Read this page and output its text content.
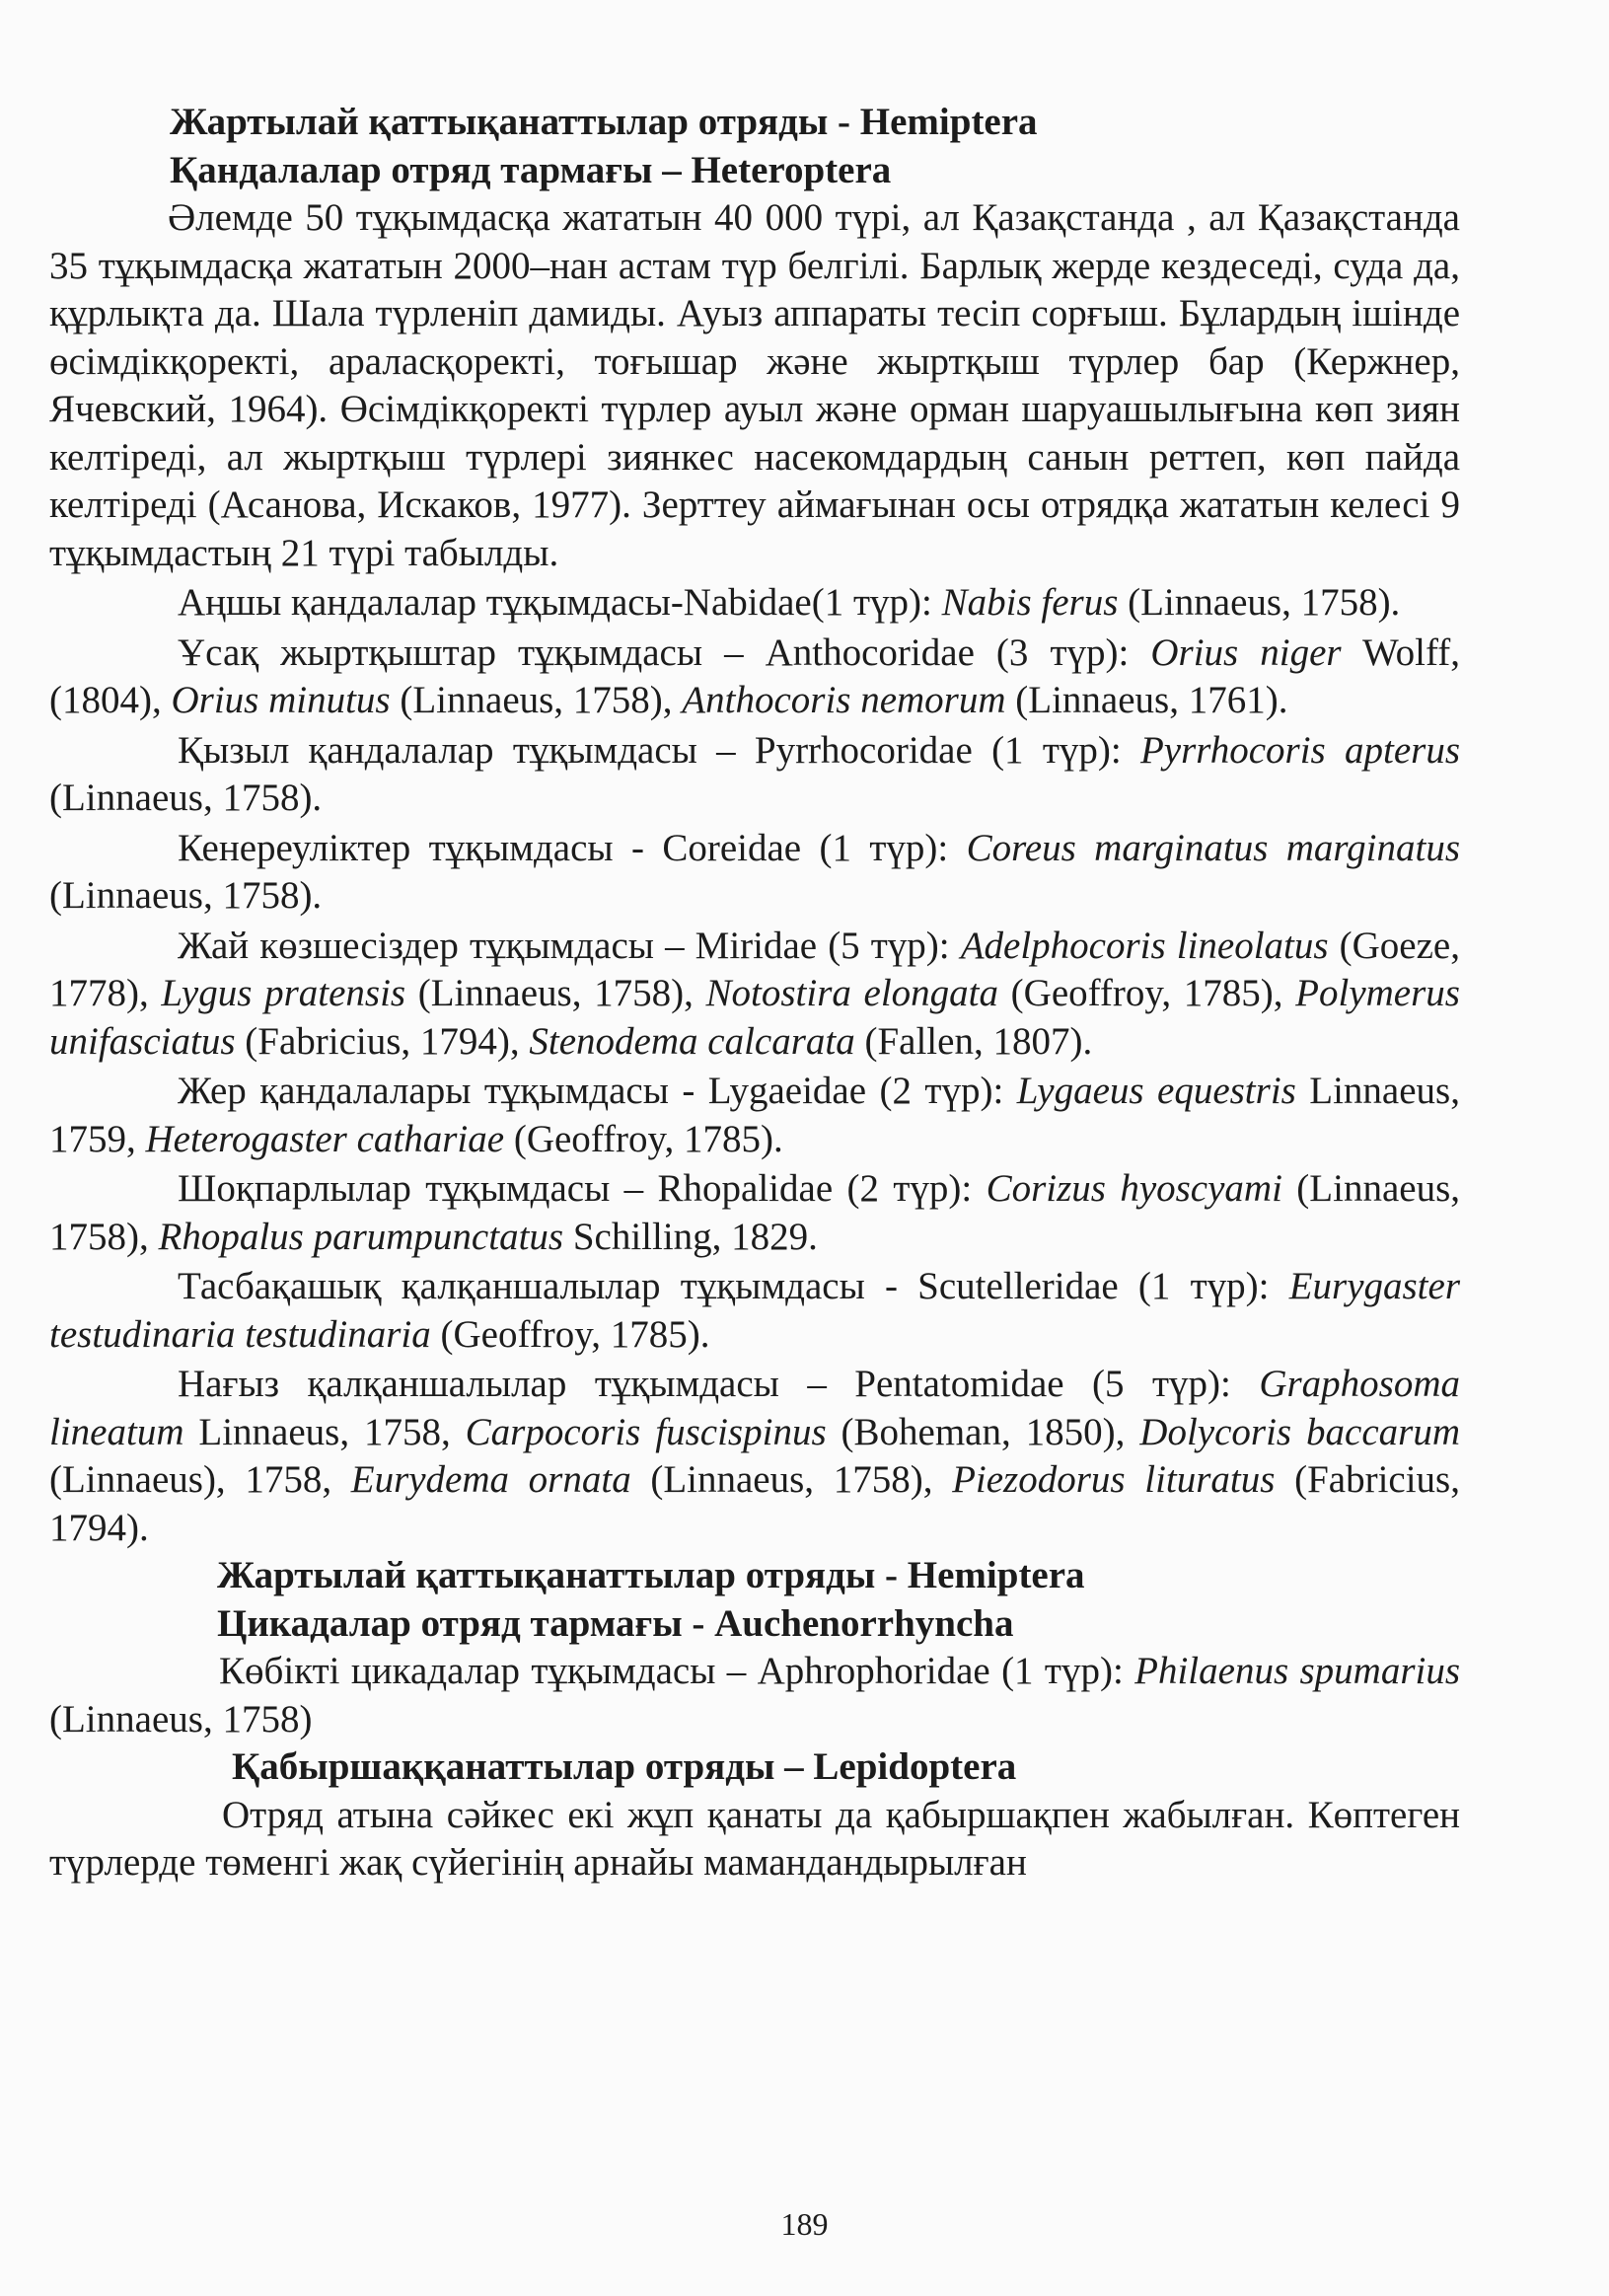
Жартылай қаттықанаттылар отряды - Hemiptera

Қандалалар отряд тармағы – Heteroptera

Әлемде 50 тұқымдасқа жататын 40 000 түрі, ал Қазақстанда , ал Қазақстанда 35 тұқымдасқа жататын 2000–нан астам түр белгілі. Барлық жерде кездеседі, суда да, құрлықта да. Шала түрленіп дамиды. Ауыз аппараты тесіп сорғыш. Бұлардың ішінде өсімдікқоректі, араласқоректі, тоғышар және жыртқыш түрлер бар (Кержнер, Ячевский, 1964). Өсімдікқоректі түрлер ауыл және орман шаруашылығына көп зиян келтіреді, ал жыртқыш түрлері зиянкес насекомдардың санын реттеп, көп пайда келтіреді (Асанова, Искаков, 1977). Зерттеу аймағынан осы отрядқа жататын келесі 9 тұқымдастың 21 түрі табылды.

Аңшы қандалалар тұқымдасы-Nabidae(1 түр): Nabis ferus (Linnaeus, 1758).

Ұсақ жыртқыштар тұқымдасы – Anthocoridae (3 түр): Orius niger Wolff, (1804), Orius minutus (Linnaeus, 1758), Anthocoris nemorum (Linnaeus, 1761).

Қызыл қандалалар тұқымдасы – Pyrrhocoridae (1 түр): Pyrrhocoris apterus (Linnaeus, 1758).

Кенереуліктер тұқымдасы - Coreidae (1 түр): Coreus marginatus marginatus (Linnaeus, 1758).

Жай көзшесіздер тұқымдасы – Miridae (5 түр): Adelphocoris lineolatus (Goeze, 1778), Lygus pratensis (Linnaeus, 1758), Notostira elongata (Geoffroy, 1785), Polymerus unifasciatus (Fabricius, 1794), Stenodema calcarata (Fallen, 1807).

Жер қандалалары тұқымдасы - Lygaeidae (2 түр): Lygaeus equestris Linnaeus, 1759, Heterogaster cathariae (Geoffroy, 1785).

Шоқпарлылар тұқымдасы – Rhopalidae (2 түр): Corizus hyoscyami (Linnaeus, 1758), Rhopalus parumpunctatus Schilling, 1829.

Тасбақашық қалқаншалылар тұқымдасы - Scutelleridae (1 түр): Eurygaster testudinaria testudinaria (Geoffroy, 1785).

Нағыз қалқаншалылар тұқымдасы – Pentatomidae (5 түр): Graphosoma lineatum Linnaeus, 1758, Carpocoris fuscispinus (Boheman, 1850), Dolycoris baccarum (Linnaeus), 1758, Eurydema ornata (Linnaeus, 1758), Piezodorus lituratus (Fabricius, 1794).

Жартылай қаттықанаттылар отряды - Hemiptera

Цикадалар отряд тармағы - Auchenorrhyncha

Көбікті цикадалар тұқымдасы – Aphrophoridae (1 түр): Philaenus spumarius (Linnaeus, 1758)

Қабыршаққанаттылар отряды – Lepidoptera

Отряд атына сәйкес екі жұп қанаты да қабыршақпен жабылған. Көптеген түрлерде төменгі жақ сүйегінің арнайы мамандандырылған

189
